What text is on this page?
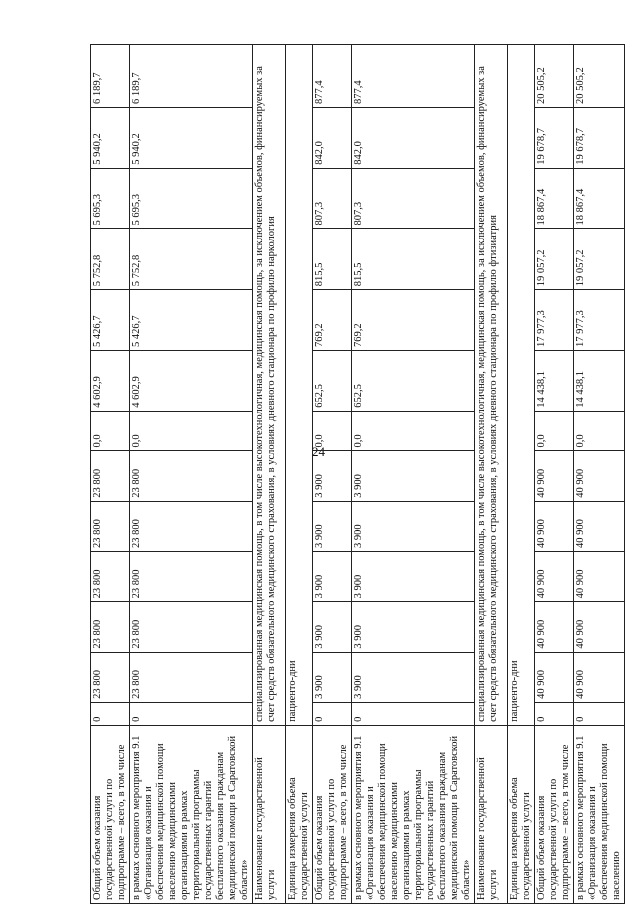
24
Общий объем оказания государственной услуги по подпрограмме – всего, в том числе	0	23 800	23 800	23 800	23 800	23 800	0,0	4 602,9	5 426,7	5 752,8	5 695,3	5 940,2	6 189,7
в рамках основного мероприятия 9.1 «Организация оказания и обеспечения медицинской помощи населению медицинскими организациями в рамках территориальной программы государственных гарантий бесплатного оказания гражданам медицинской помощи в Саратовской области»	0	23 800	23 800	23 800	23 800	23 800	0,0	4 602,9	5 426,7	5 752,8	5 695,3	5 940,2	6 189,7
Наименование государственной услуги	специализированная медицинская помощь, в том числе высокотехнологичная, медицинская помощь, за исключением объемов, финансируемых за счет средств обязательного медицинского страхования, в условиях дневного стационара по профилю наркология												
Единица измерения объема государственной услуги	пациенто-дни												
Общий объем оказания государственной услуги по подпрограмме – всего, в том числе	0	3 900	3 900	3 900	3 900	3 900	0,0	652,5	769,2	815,5	807,3	842,0	877,4
в рамках основного мероприятия 9.1 «Организация оказания и обеспечения медицинской помощи населению медицинскими организациями в рамках территориальной программы государственных гарантий бесплатного оказания гражданам медицинской помощи в Саратовской области»	0	3 900	3 900	3 900	3 900	3 900	0,0	652,5	769,2	815,5	807,3	842,0	877,4
Наименование государственной услуги	специализированная медицинская помощь, в том числе высокотехнологичная, медицинская помощь, за исключением объемов, финансируемых за счет средств обязательного медицинского страхования, в условиях дневного стационара по профилю фтизиатрия												
Единица измерения объема государственной услуги	пациенто-дни												
Общий объем оказания государственной услуги по подпрограмме – всего, в том числе	0	40 900	40 900	40 900	40 900	40 900	0,0	14 438,1	17 977,3	19 057,2	18 867,4	19 678,7	20 505,2
в рамках основного мероприятия 9.1 «Организация оказания и обеспечения медицинской помощи населению	0	40 900	40 900	40 900	40 900	40 900	0,0	14 438,1	17 977,3	19 057,2	18 867,4	19 678,7	20 505,2
